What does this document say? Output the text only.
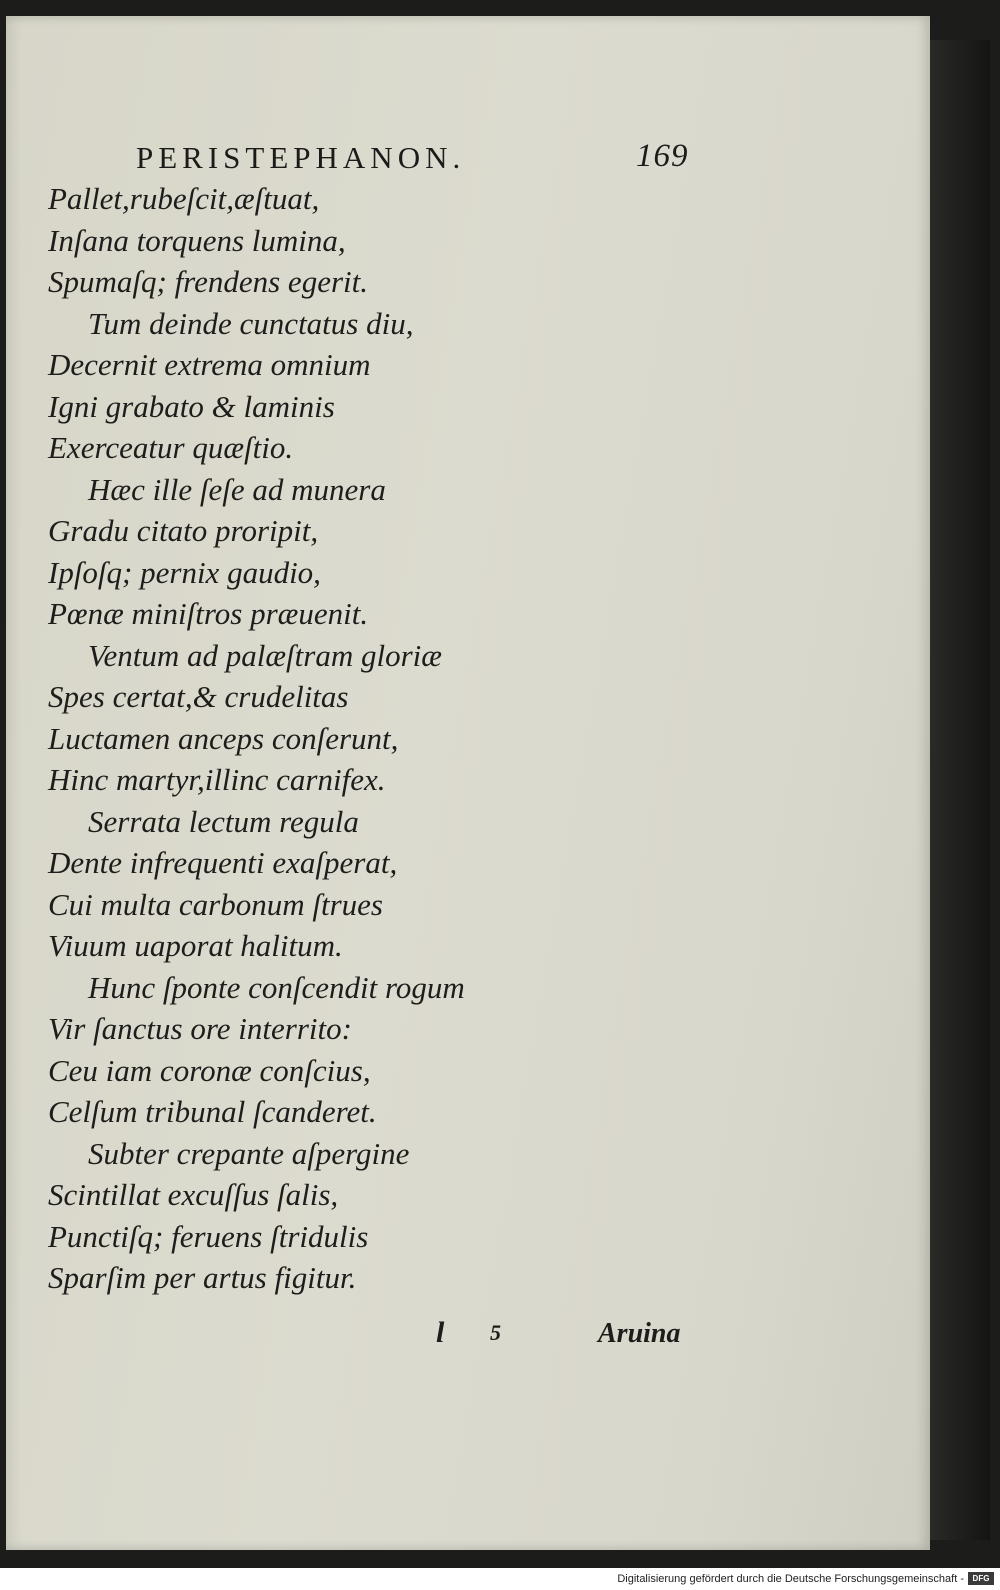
PERISTEPHANON.	169
Pallet,rubeſcit,æſtuat,
Inſana torquens lumina,
Spumaſq; frendens egerit.
Tum deinde cunctatus diu,
Decernit extrema omnium
Igni grabato & laminis
Exerceatur quæſtio.
Hæc ille ſeſe ad munera
Gradu citato proripit,
Ipſoſq; pernix gaudio,
Pœnæ miniſtros præuenit.
Ventum ad palæſtram gloriæ
Spes certat,& crudelitas
Luctamen anceps conſerunt,
Hinc martyr,illinc carnifex.
Serrata lectum regula
Dente infrequenti exaſperat,
Cui multa carbonum ſtrues
Viuum uaporat halitum.
Hunc ſponte conſcendit rogum
Vir ſanctus ore interrito:
Ceu iam coronæ conſcius,
Celſum tribunal ſcanderet.
Subter crepante aſpergine
Scintillat excuſſus ſalis,
Punctiſq; feruens ſtridulis
Sparſim per artus figitur.
l 5	Aruina
Digitalisierung gefördert durch die Deutsche Forschungsgemeinschaft -	DFG
